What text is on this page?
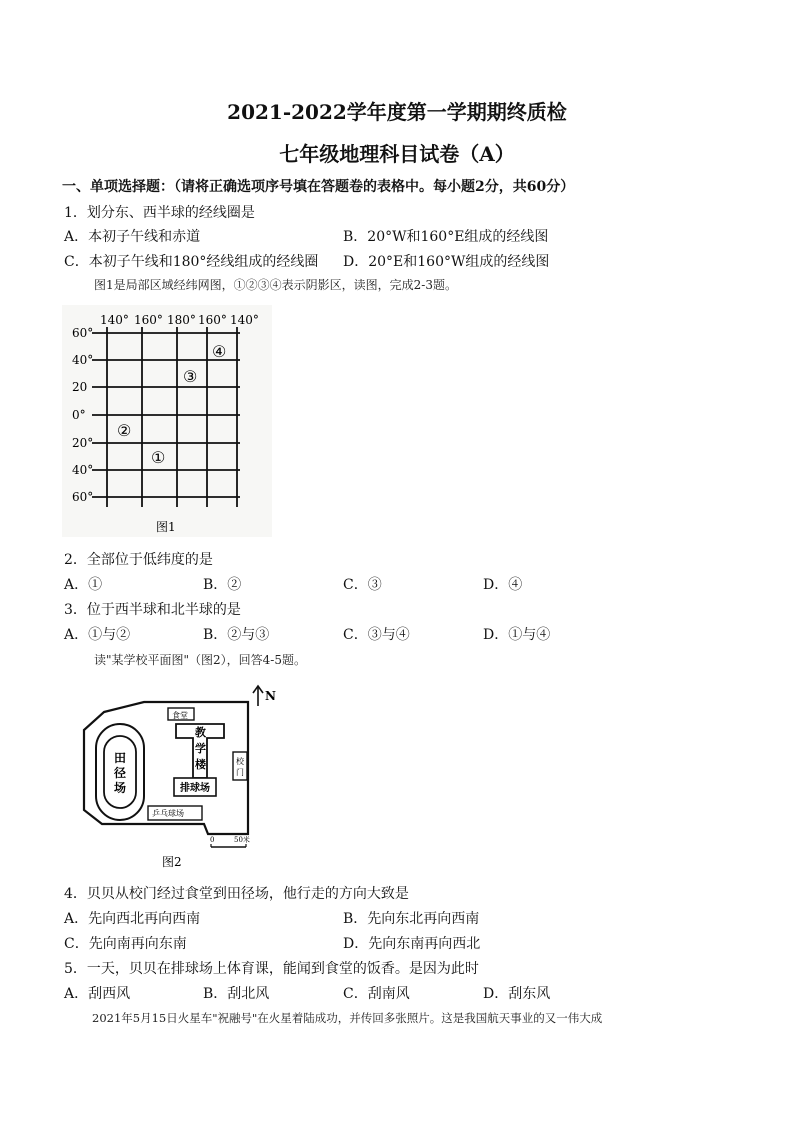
2021-2022学年度第一学期期终质检
七年级地理科目试卷（A）
一、单项选择题：（请将正确选项序号填在答题卷的表格中。每小题2分，共60分）
1．划分东、西半球的经线圈是
A．本初子午线和赤道	B．20°W和160°E组成的经线图
C．本初子午线和180°经线组成的经线圈 D．20°E和160°W组成的经线图
图1是局部区域经纬网图，①②③④表示阴影区，读图，完成2-3题。
140° 160° 180° 160° 140°
60°
40°
20
0°
20°
40°
60°
①
②
③
④
图1
2．全部位于低纬度的是
A．①	B．②	C．③	D．④
3．位于西半球和北半球的是
A．①与②	B．②与③	C．③与④	D．①与④
读"某学校平面图"（图2），回答4-5题。
N
田
径
场
食堂
教
学
楼	校
门
排球场
乒乓球场
0	50米
图2
4．贝贝从校门经过食堂到田径场，他行走的方向大致是
A．先向西北再向西南	B．先向东北再向西南
C．先向南再向东南	D．先向东南再向西北
5．一天，贝贝在排球场上体育课，能闻到食堂的饭香。是因为此时
A．刮西风	B．刮北风	C．刮南风	D．刮东风
2021年5月15日火星车"祝融号"在火星着陆成功，并传回多张照片。这是我国航天事业的又一伟大成
